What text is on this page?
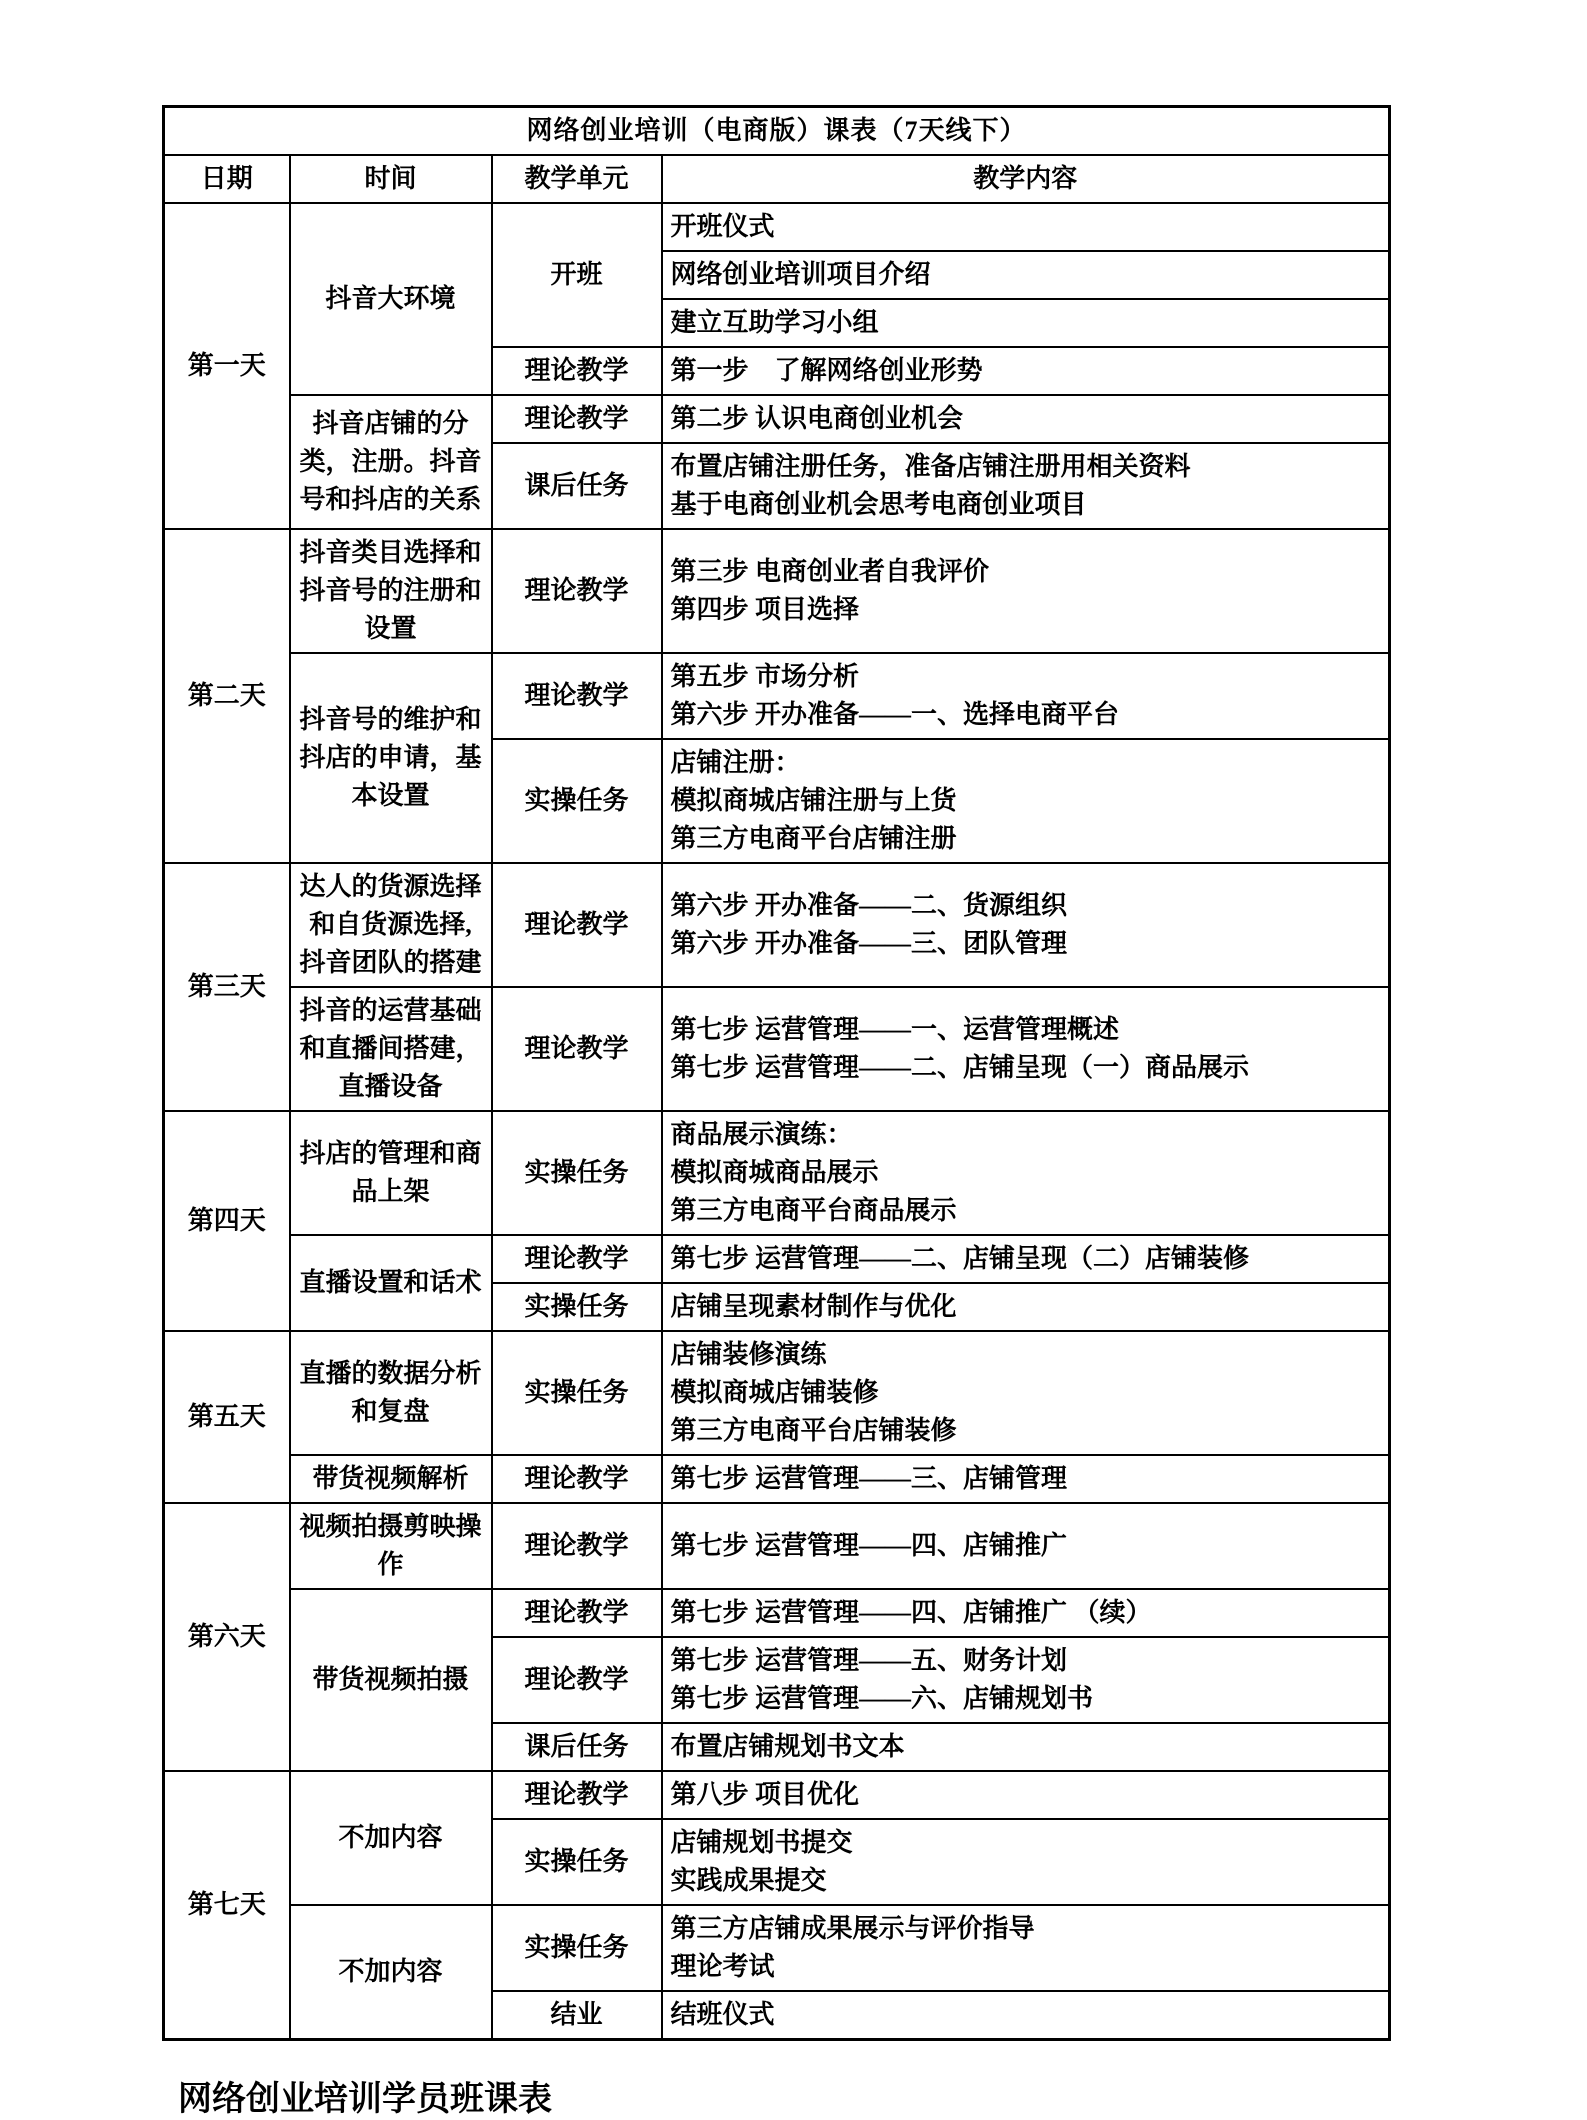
网络创业培训（电商版）课表（7天线下）			
日期	时间	教学单元	教学内容
第一天	抖音大环境	开班	开班仪式
			网络创业培训项目介绍
			建立互助学习小组
		理论教学	第一步　了解网络创业形势
	抖音店铺的分类，注册。抖音号和抖店的关系	理论教学	第二步 认识电商创业机会
		课后任务	布置店铺注册任务，准备店铺注册用相关资料
基于电商创业机会思考电商创业项目
第二天	抖音类目选择和抖音号的注册和设置	理论教学	第三步 电商创业者自我评价
第四步 项目选择
	抖音号的维护和抖店的申请，基本设置	理论教学	第五步 市场分析
第六步 开办准备——一、选择电商平台
		实操任务	店铺注册：
模拟商城店铺注册与上货
第三方电商平台店铺注册
第三天	达人的货源选择和自货源选择,抖音团队的搭建	理论教学	第六步 开办准备——二、货源组织
第六步 开办准备——三、团队管理
	抖音的运营基础和直播间搭建，直播设备	理论教学	第七步 运营管理——一、运营管理概述
第七步 运营管理——二、店铺呈现（一）商品展示
第四天	抖店的管理和商品上架	实操任务	商品展示演练：
模拟商城商品展示
第三方电商平台商品展示
	直播设置和话术	理论教学	第七步 运营管理——二、店铺呈现（二）店铺装修
		实操任务	店铺呈现素材制作与优化
第五天	直播的数据分析和复盘	实操任务	店铺装修演练
模拟商城店铺装修
第三方电商平台店铺装修
	带货视频解析	理论教学	第七步 运营管理——三、店铺管理
第六天	视频拍摄剪映操作	理论教学	第七步 运营管理——四、店铺推广
	带货视频拍摄	理论教学	第七步 运营管理——四、店铺推广 （续）
		理论教学	第七步 运营管理——五、财务计划
第七步 运营管理——六、店铺规划书
		课后任务	布置店铺规划书文本
第七天	不加内容	理论教学	第八步 项目优化
		实操任务	店铺规划书提交
实践成果提交
	不加内容	实操任务	第三方店铺成果展示与评价指导
理论考试
		结业	结班仪式
网络创业培训学员班课表
